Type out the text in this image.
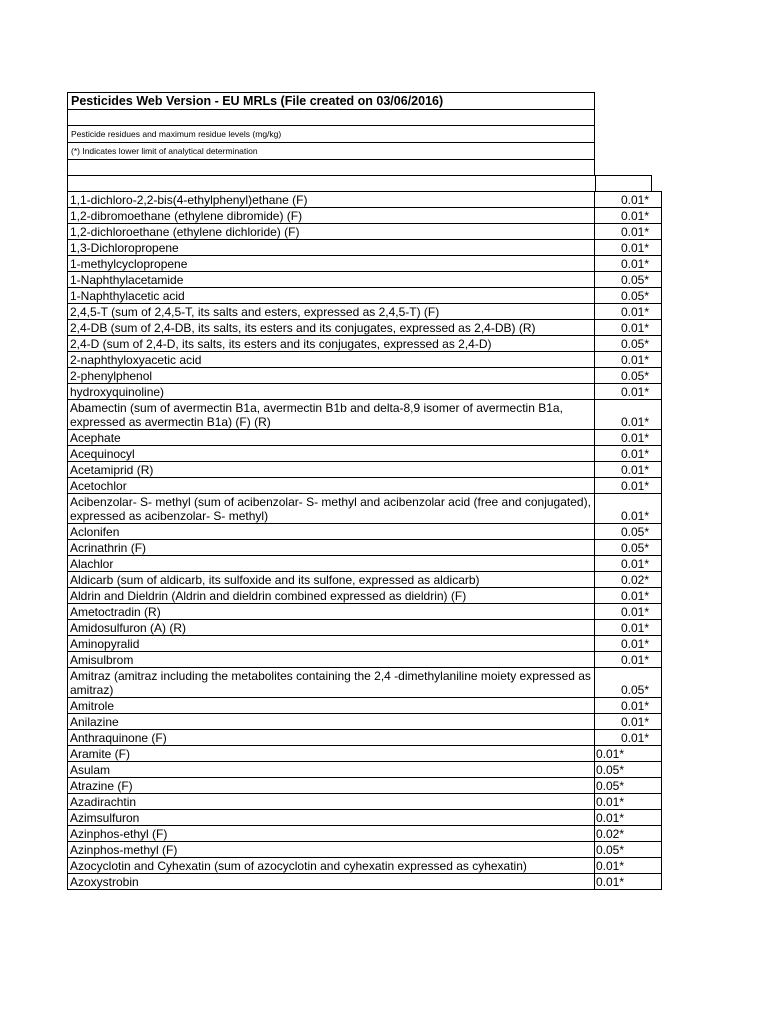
Pesticides Web Version - EU MRLs (File created on 03/06/2016)
Pesticide residues and maximum residue levels (mg/kg)
(*) Indicates lower limit of analytical determination
1,1-dichloro-2,2-bis(4-ethylphenyl)ethane (F)	0.01*
1,2-dibromoethane (ethylene dibromide) (F)	0.01*
1,2-dichloroethane (ethylene dichloride) (F)	0.01*
1,3-Dichloropropene	0.01*
1-methylcyclopropene	0.01*
1-Naphthylacetamide	0.05*
1-Naphthylacetic acid	0.05*
2,4,5-T (sum of 2,4,5-T, its salts and esters, expressed as 2,4,5-T) (F)	0.01*
2,4-DB (sum of 2,4-DB, its salts, its esters and its conjugates, expressed as 2,4-DB) (R)	0.01*
2,4-D (sum of 2,4-D, its salts, its esters and its conjugates, expressed as 2,4-D)	0.05*
2-naphthyloxyacetic acid	0.01*
2-phenylphenol	0.05*
hydroxyquinoline)	0.01*
Abamectin (sum of avermectin B1a, avermectin B1b and delta-8,9 isomer of avermectin B1a, expressed as avermectin B1a) (F) (R)	0.01*
Acephate	0.01*
Acequinocyl	0.01*
Acetamiprid (R)	0.01*
Acetochlor	0.01*
Acibenzolar- S- methyl (sum of acibenzolar- S- methyl and acibenzolar acid (free and conjugated), expressed as acibenzolar- S- methyl)	0.01*
Aclonifen	0.05*
Acrinathrin (F)	0.05*
Alachlor	0.01*
Aldicarb (sum of aldicarb, its sulfoxide and its sulfone, expressed as aldicarb)	0.02*
Aldrin and Dieldrin (Aldrin and dieldrin combined expressed as dieldrin) (F)	0.01*
Ametoctradin (R)	0.01*
Amidosulfuron (A) (R)	0.01*
Aminopyralid	0.01*
Amisulbrom	0.01*
Amitraz (amitraz including the metabolites containing the 2,4 -dimethylaniline moiety expressed as amitraz)	0.05*
Amitrole	0.01*
Anilazine	0.01*
Anthraquinone (F)	0.01*
Aramite (F)	0.01*
Asulam	0.05*
Atrazine (F)	0.05*
Azadirachtin	0.01*
Azimsulfuron	0.01*
Azinphos-ethyl (F)	0.02*
Azinphos-methyl (F)	0.05*
Azocyclotin and Cyhexatin (sum of azocyclotin and cyhexatin expressed as cyhexatin)	0.01*
Azoxystrobin	0.01*
